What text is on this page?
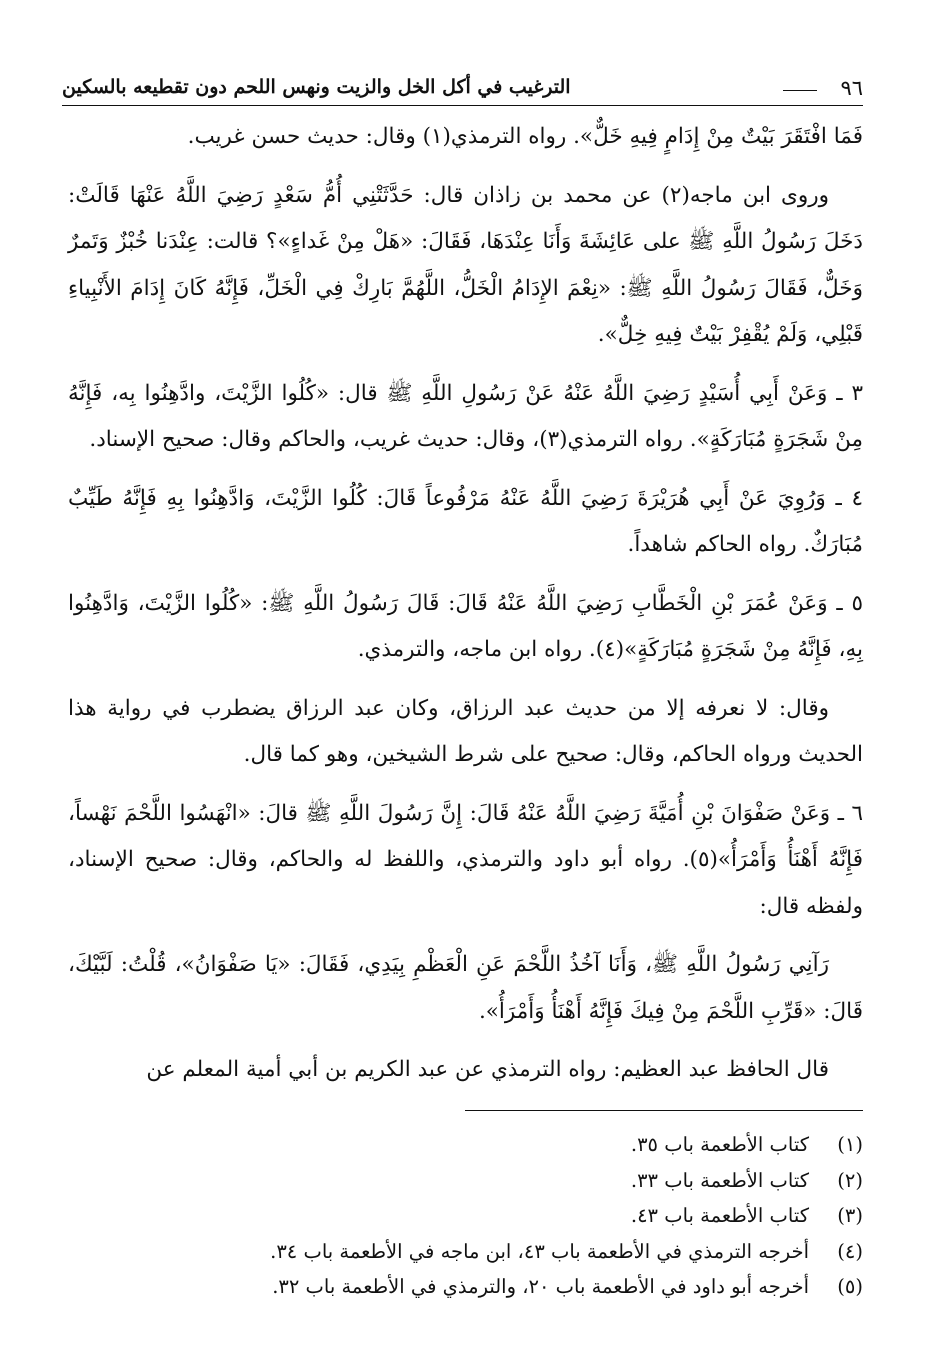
٩٦
الترغيب في أكل الخل والزيت ونهس اللحم دون تقطيعه بالسكين

فَمَا افْتَقَرَ بَيْتٌ مِنْ إِدَامٍ فِيهِ خَلٌّ». رواه الترمذي(١) وقال: حديث حسن غريب.

وروى ابن ماجه(٢) عن محمد بن زاذان قال: حَدَّثَتْنِي أُمُّ سَعْدٍ رَضِيَ اللَّهُ عَنْهَا قَالَتْ: دَخَلَ رَسُولُ اللَّهِ ﷺ على عَائِشَةَ وَأَنَا عِنْدَهَا، فَقَالَ: «هَلْ مِنْ غَداءٍ»؟ قالت: عِنْدَنا خُبْزٌ وَتَمرٌ وَخَلٌّ، فَقَالَ رَسُولُ اللَّهِ ﷺ: «نِعْمَ الإِدَامُ الْخَلُّ، اللَّهُمَّ بَارِكْ فِي الْخَلِّ، فَإِنَّهُ كَانَ إِدَامَ الأَنْبِياءِ قَبْلِي، وَلَمْ يُقْفِرْ بَيْتٌ فِيهِ خِلٌّ».

٣ ـ وَعَنْ أَبِي أُسَيْدٍ رَضِيَ اللَّهُ عَنْهُ عَنْ رَسُولِ اللَّهِ ﷺ قال: «كُلُوا الزَّيْتَ، وادَّهِنُوا بِه، فَإِنَّهُ مِنْ شَجَرَةٍ مُبَارَكَةٍ». رواه الترمذي(٣)، وقال: حديث غريب، والحاكم وقال: صحيح الإسناد.

٤ ـ وَرُوِيَ عَنْ أَبِي هُرَيْرَةَ رَضِيَ اللَّهُ عَنْهُ مَرْفُوعاً قَالَ: كُلُوا الزَّيْتَ، وَادَّهِنُوا بِهِ فَإِنَّهُ طَيِّبٌ مُبَارَكٌ. رواه الحاكم شاهداً.

٥ ـ وَعَنْ عُمَرَ بْنِ الْخَطَّابِ رَضِيَ اللَّهُ عَنْهُ قَالَ: قَالَ رَسُولُ اللَّهِ ﷺ: «كُلُوا الزَّيْتَ، وَادَّهِنُوا بِهِ، فَإِنَّهُ مِنْ شَجَرَةٍ مُبَارَكَةٍ»(٤). رواه ابن ماجه، والترمذي.

وقال: لا نعرفه إلا من حديث عبد الرزاق، وكان عبد الرزاق يضطرب في رواية هذا الحديث ورواه الحاكم، وقال: صحيح على شرط الشيخين، وهو كما قال.

٦ ـ وَعَنْ صَفْوَانَ بْنِ أُمَيَّةَ رَضِيَ اللَّهُ عَنْهُ قَالَ: إِنَّ رَسُولَ اللَّهِ ﷺ قالَ: «انْهَسُوا اللَّحْمَ نَهْساً، فَإِنَّهُ أَهْنَأُ وَأَمْرَأُ»(٥). رواه أبو داود والترمذي، واللفظ له والحاكم، وقال: صحيح الإسناد، ولفظه قال:

رَآنِي رَسُولُ اللَّهِ ﷺ، وَأَنَا آخُذُ اللَّحْمَ عَنِ الْعَظْمِ بِيَدِي، فَقَالَ: «يَا صَفْوَانُ»، قُلْتُ: لَبَّيْكَ، قَالَ: «قَرِّبِ اللَّحْمَ مِنْ فِيكَ فَإِنَّهُ أَهْنَأُ وَأَمْرَأُ».

قال الحافظ عبد العظيم: رواه الترمذي عن عبد الكريم بن أبي أمية المعلم عن

(١)
كتاب الأطعمة باب ٣٥.
(٢)
كتاب الأطعمة باب ٣٣.
(٣)
كتاب الأطعمة باب ٤٣.
(٤)
أخرجه الترمذي في الأطعمة باب ٤٣، ابن ماجه في الأطعمة باب ٣٤.
(٥)
أخرجه أبو داود في الأطعمة باب ٢٠، والترمذي في الأطعمة باب ٣٢.
